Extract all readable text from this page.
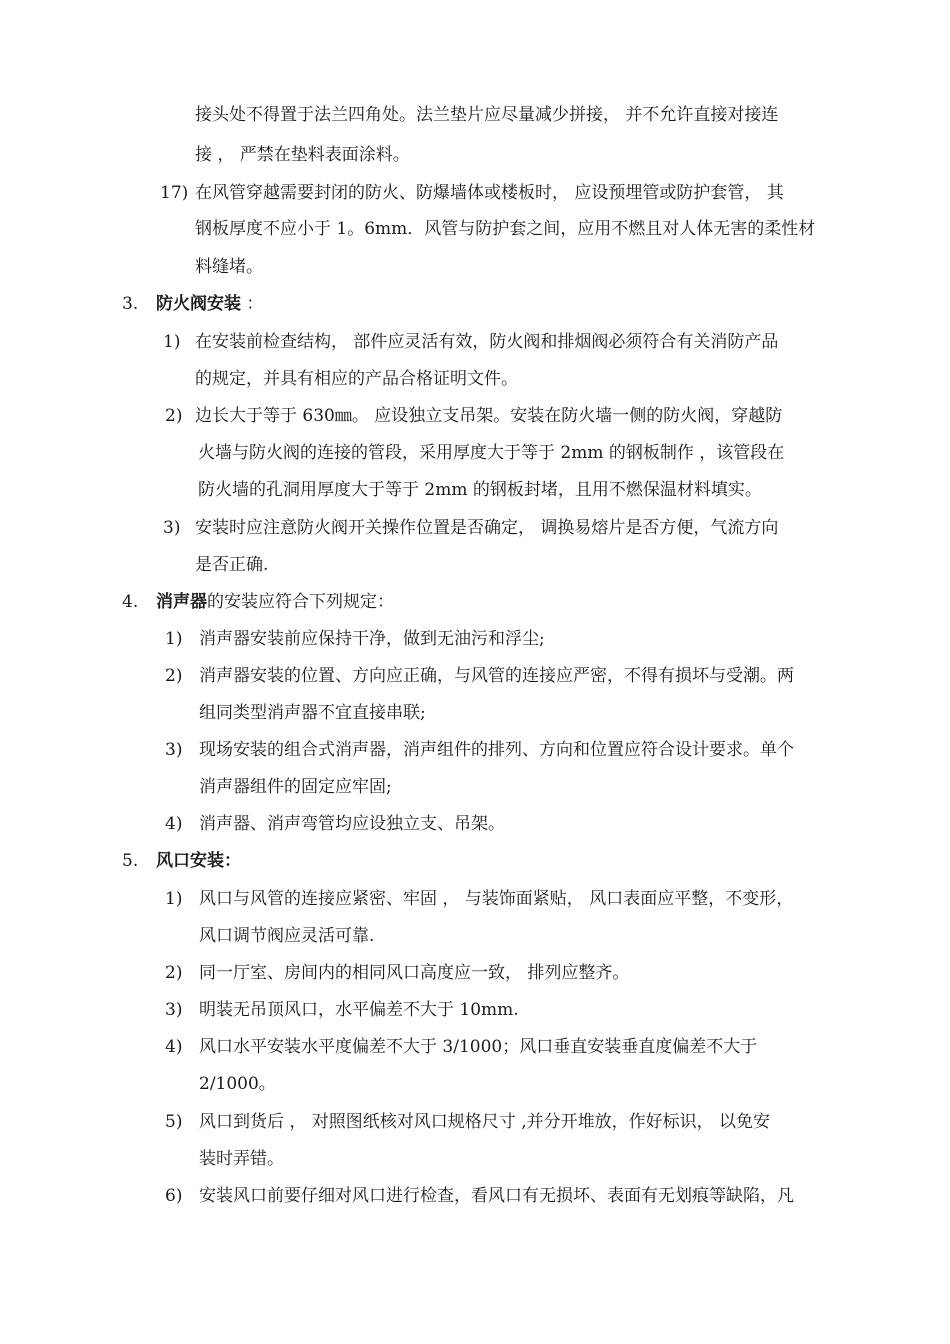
接头处不得置于法兰四角处。法兰垫片应尽量减少拼接， 并不允许直接对接连
接 ， 严禁在垫料表面涂料。
17) 在风管穿越需要封闭的防火、防爆墙体或楼板时， 应设预埋管或防护套管， 其
钢板厚度不应小于 1。6mm．风管与防护套之间，应用不燃且对人体无害的柔性材
料缝堵。
3. 防火阀安装 ：
1) 在安装前检查结构， 部件应灵活有效，防火阀和排烟阀必须符合有关消防产品
的规定，并具有相应的产品合格证明文件。
2) 边长大于等于 630㎜。 应设独立支吊架。安装在防火墙一侧的防火阀，穿越防
火墙与防火阀的连接的管段，采用厚度大于等于 2mm 的钢板制作 ，该管段在
防火墙的孔洞用厚度大于等于 2mm 的钢板封堵，且用不燃保温材料填实。
3) 安装时应注意防火阀开关操作位置是否确定， 调换易熔片是否方便，气流方向
是否正确.
4. 消声器的安装应符合下列规定：
1) 消声器安装前应保持干净，做到无油污和浮尘;
2) 消声器安装的位置、方向应正确，与风管的连接应严密，不得有损坏与受潮。两
组同类型消声器不宜直接串联;
3) 现场安装的组合式消声器，消声组件的排列、方向和位置应符合设计要求。单个
消声器组件的固定应牢固;
4) 消声器、消声弯管均应设独立支、吊架。
5. 风口安装：
1) 风口与风管的连接应紧密、牢固 ， 与装饰面紧贴， 风口表面应平整，不变形，
风口调节阀应灵活可靠.
2) 同一厅室、房间内的相同风口高度应一致， 排列应整齐。
3) 明装无吊顶风口，水平偏差不大于 10mm.
4) 风口水平安装水平度偏差不大于 3/1000；风口垂直安装垂直度偏差不大于
2/1000。
5) 风口到货后 ， 对照图纸核对风口规格尺寸 ,并分开堆放，作好标识， 以免安
装时弄错。
6) 安装风口前要仔细对风口进行检查，看风口有无损坏、表面有无划痕等缺陷，凡
